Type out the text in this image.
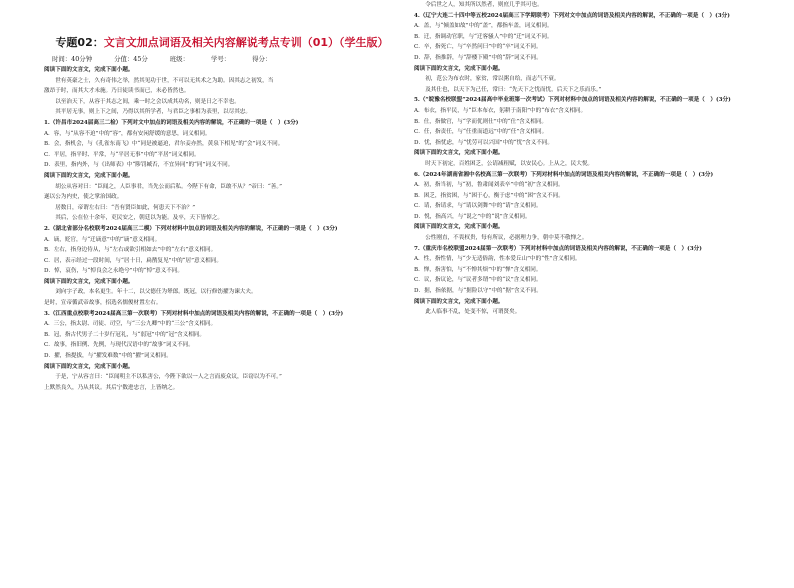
专题02：文言文加点词语及相关内容解说考点专训（01）（学生版）
时间：40分钟	分值：45分	班级：	学号：	得分：

阅读下面的文言文，完成下面小题。

　　世有英豪之士，久有奇伟之举，然其见功于世，不可以无其术之为助。因其志之初发，当

激昂于时，而其大才未施。乃日徒读书而已，未必皆然也。

　　以至治天下，从容于其志之间，乘一时之会以成其功名，则是日之不幸也。

　　其平居无事，则上下之间，乃得以其所学者，与君臣之事相为表里，以尽其忠。

1.（许昌市2024届高三二检）下列对文中加点的词语及相关内容的解说，不正确的一项是（　）(3分)

A．容，与“从容不迫”中的“容”，都有安闲舒缓的意思，词义相同。

B．会，指机会，与《孔雀东南飞》中“同是被逼迫，君尔妾亦然，黄泉下相见”的“会”词义不同。

C．平居，指平时、平常，与“平居无事”中的“平居”词义相同。

D．表里，指内外，与《出师表》中“陟罚臧否，不宜异同”的“同”词义不同。

阅读下面的文言文，完成下面小题。

　　胡公从容对曰：“臣闻之，人臣事君，当先公而后私。今陛下有命，臣敢不从？”帝曰：“善。”

遂以公为内史，使之掌治国政。

　　居数日，帝谓左右曰：“吾有贤臣如此，何患天下不治？”

　　其后，公在位十余年，吏民安之，朝廷以为能。及卒，天下皆悼之。

2.（湖北省部分名校联考2024届高三二模）下列对材料中加点的词语及相关内容的解说，不正确的一项是（　）(3分)

A．谪，贬官，与“迁谪意”中的“谪”意义相同。

B．左右，指身边侍从，与“左右或欲引相如去”中的“左右”意义相同。

C．居，表示经过一段时间，与“居十日，扁鹊复见”中的“居”意义相同。

D．悼，哀伤，与“悼良会之永绝兮”中的“悼”意义不同。

阅读下面的文言文，完成下面小题。

　　刘向字子政，本名更生。年十二，以父德任为辇郎。既冠，以行修饬擢为谏大夫。

是时，宣帝循武帝故事，招选名儒俊材置左右。

3.（江西重点校联考2024届高三第一次联考）下列对材料中加点的词语及相关内容的解说，不正确的一项是（　）(3分)

A．三公，指太尉、司徒、司空，与“三公九卿”中的“三公”含义相同。

B．冠，指古代男子二十岁行冠礼，与“弱冠”中的“冠”含义相同。

C．故事，指旧例、先例，与现代汉语中的“故事”词义不同。

D．擢，指提拔，与“擢发难数”中的“擢”词义相同。

阅读下面的文言文，完成下面小题。

　　于是，宁从容言曰：“臣闻明主不以私害公，今陛下欲以一人之言而废众议，臣窃以为不可。”

上默然良久，乃从其议。其后宁数进忠言，上皆纳之。

　　令后世之人，知其所以然者，则庶几乎其可也。

4.（辽宁大连二十四中等五校2024届高三下学期联考）下列对文中加点的词语及相关内容的解说，不正确的一项是（　）(3分)

A．盖，与“倾盖如故”中的“盖”，都指车盖，词义相同。

B．迁，指调动官职，与“迁客骚人”中的“迁”词义不同。

C．卒，指死亡，与“卒然问曰”中的“卒”词义不同。

D．辞，指推辞，与“辞楼下殿”中的“辞”词义不同。

阅读下面的文言文，完成下面小题。

　　初，范公为布衣时，家贫，常以粥自给，而志气不衰。

　　及其仕也，以天下为己任，常曰：“先天下之忧而忧，后天下之乐而乐。”

5.（“皖豫名校联盟”2024届高中毕业班第一次考试）下列对材料中加点的词语及相关内容的解说，不正确的一项是（　）(3分)

A．布衣，指平民，与“臣本布衣，躬耕于南阳”中的“布衣”含义相同。

B．仕，指做官，与“学而优则仕”中的“仕”含义相同。

C．任，指责任，与“任重而道远”中的“任”含义相同。

D．忧，指忧虑，与“忧劳可以兴国”中的“忧”含义不同。

阅读下面的文言文，完成下面小题。

　　时天下初定，百姓困乏，公请减租赋，以安民心。上从之，民大悦。

6.（2024年湖南省湘中名校高三第一次联考）下列对材料中加点的词语及相关内容的解说，不正确的一项是（　）(3分)

A．初，指当初，与“初，鲁肃闻刘表卒”中的“初”含义相同。

B．困乏，指贫困，与“困于心，衡于虑”中的“困”含义不同。

C．请，指请求，与“请以剑舞”中的“请”含义相同。

D．悦，指高兴，与“说之”中的“说”含义相同。

阅读下面的文言文，完成下面小题。

　　公性刚直，不畏权贵，每有所议，必据理力争，朝中莫不敬惮之。

7.（重庆市名校联盟2024届第一次联考）下列对材料中加点的词语及相关内容的解说，不正确的一项是（　）(3分)

A．性，指性情，与“少无适俗韵，性本爱丘山”中的“性”含义相同。

B．惮，指害怕，与“不惮其烦”中的“惮”含义相同。

C．议，指议论，与“议者多谓”中的“议”含义相同。

D．据，指依据，与“据险以守”中的“据”含义不同。

阅读下面的文言文，完成下面小题。

　　此人临事不乱，处变不惊，可谓贤矣。
